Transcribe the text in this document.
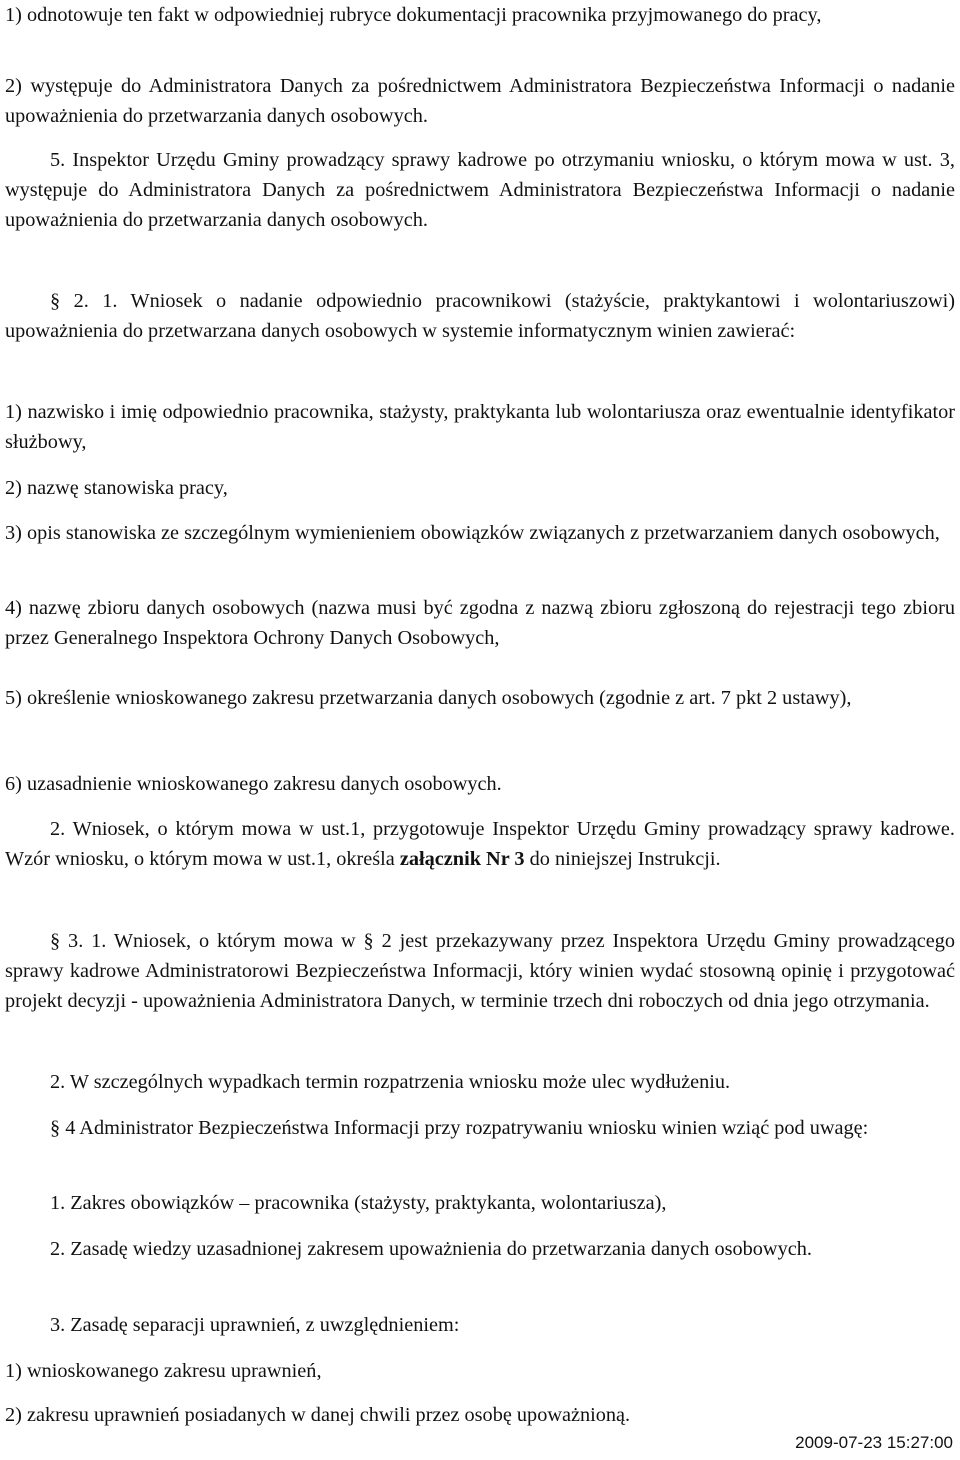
1) odnotowuje ten fakt w odpowiedniej rubryce dokumentacji pracownika przyjmowanego do pracy,

2) występuje do Administratora Danych za pośrednictwem Administratora Bezpieczeństwa Informacji o nadanie upoważnienia do przetwarzania danych osobowych.

5. Inspektor Urzędu Gminy prowadzący sprawy kadrowe po otrzymaniu wniosku, o którym mowa w ust. 3, występuje do Administratora Danych za pośrednictwem Administratora Bezpieczeństwa Informacji o nadanie upoważnienia do przetwarzania danych osobowych.

§ 2. 1. Wniosek o nadanie odpowiednio pracownikowi (stażyście, praktykantowi i wolontariuszowi) upoważnienia do przetwarzana danych osobowych w systemie informatycznym winien zawierać:

1) nazwisko i imię odpowiednio pracownika, stażysty, praktykanta lub wolontariusza oraz ewentualnie identyfikator służbowy,

2) nazwę stanowiska pracy,

3) opis stanowiska ze szczególnym wymienieniem obowiązków związanych z przetwarzaniem danych osobowych,

4) nazwę zbioru danych osobowych (nazwa musi być zgodna z nazwą zbioru zgłoszoną do rejestracji tego zbioru przez Generalnego Inspektora Ochrony Danych Osobowych,

5) określenie wnioskowanego zakresu przetwarzania danych osobowych (zgodnie z art. 7 pkt 2 ustawy),

6) uzasadnienie wnioskowanego zakresu danych osobowych.

2. Wniosek, o którym mowa w ust.1, przygotowuje Inspektor Urzędu Gminy prowadzący sprawy kadrowe. Wzór wniosku, o którym mowa w ust.1, określa załącznik Nr 3 do niniejszej Instrukcji.

§ 3. 1. Wniosek, o którym mowa w § 2 jest przekazywany przez Inspektora Urzędu Gminy prowadzącego sprawy kadrowe Administratorowi Bezpieczeństwa Informacji, który winien wydać stosowną opinię i przygotować projekt decyzji - upoważnienia Administratora Danych, w terminie trzech dni roboczych od dnia jego otrzymania.

2. W szczególnych wypadkach termin rozpatrzenia wniosku może ulec wydłużeniu.

§ 4 Administrator Bezpieczeństwa Informacji przy rozpatrywaniu wniosku winien wziąć pod uwagę:

1. Zakres obowiązków – pracownika (stażysty, praktykanta, wolontariusza),

2. Zasadę wiedzy uzasadnionej zakresem upoważnienia do przetwarzania danych osobowych.

3. Zasadę separacji uprawnień, z uwzględnieniem:

1) wnioskowanego zakresu uprawnień,

2) zakresu uprawnień posiadanych w danej chwili przez osobę upoważnioną.

2009-07-23 15:27:00
